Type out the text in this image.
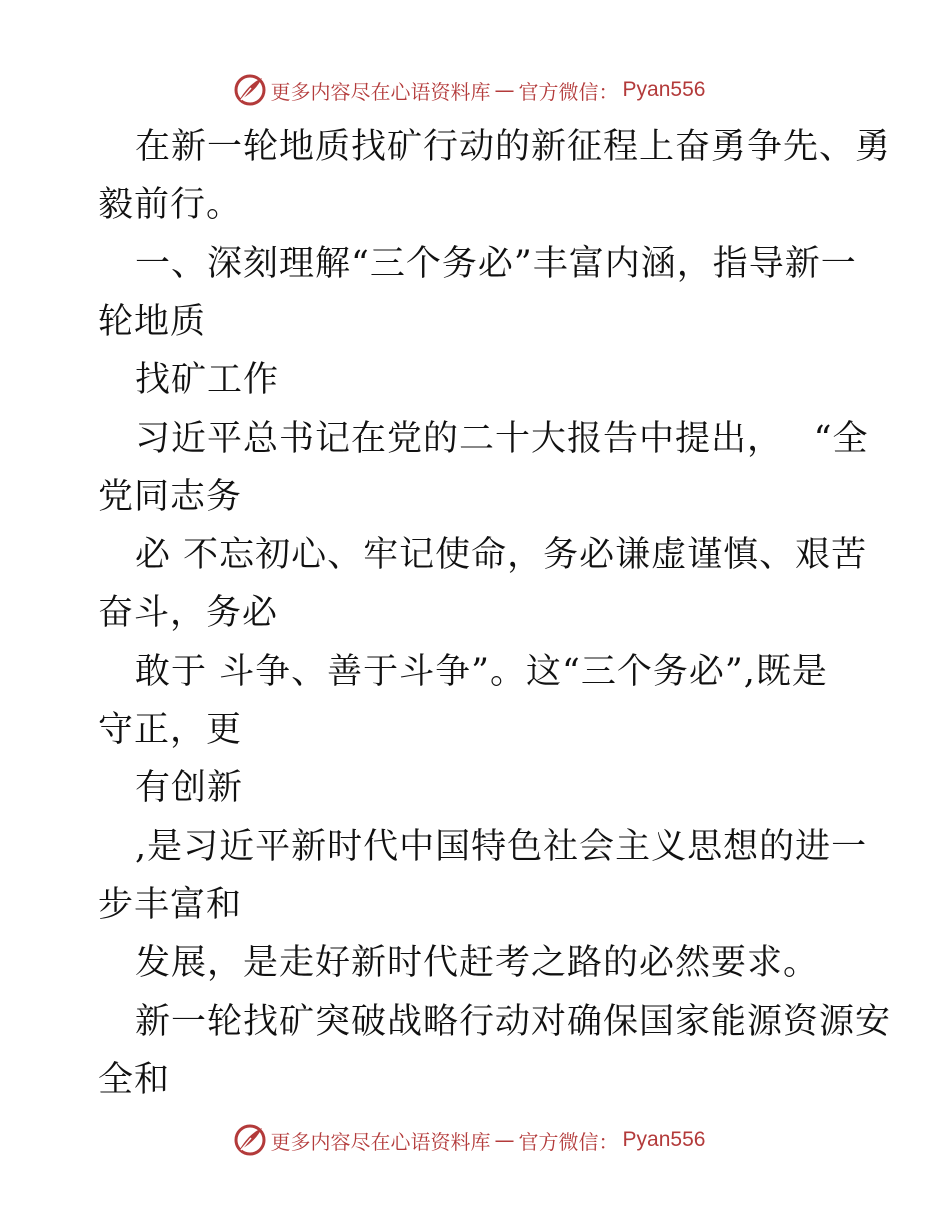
更多内容尽在心语资料库 — 官方微信： Pyan556
在新一轮地质找矿行动的新征程上奋勇争先、勇
毅前行。
一、深刻理解“三个务必”丰富内涵，指导新一
轮地质
找矿工作
习近平总书记在党的二十大报告中提出，　 “全
党同志务
必 不忘初心、牢记使命，务必谦虚谨慎、艰苦
奋斗，务必
敢于 斗争、善于斗争”。这“三个务必”,既是
守正，更
有创新
,是习近平新时代中国特色社会主义思想的进一
步丰富和
发展，是走好新时代赶考之路的必然要求。
新一轮找矿突破战略行动对确保国家能源资源安
全和
更多内容尽在心语资料库 — 官方微信： Pyan556
